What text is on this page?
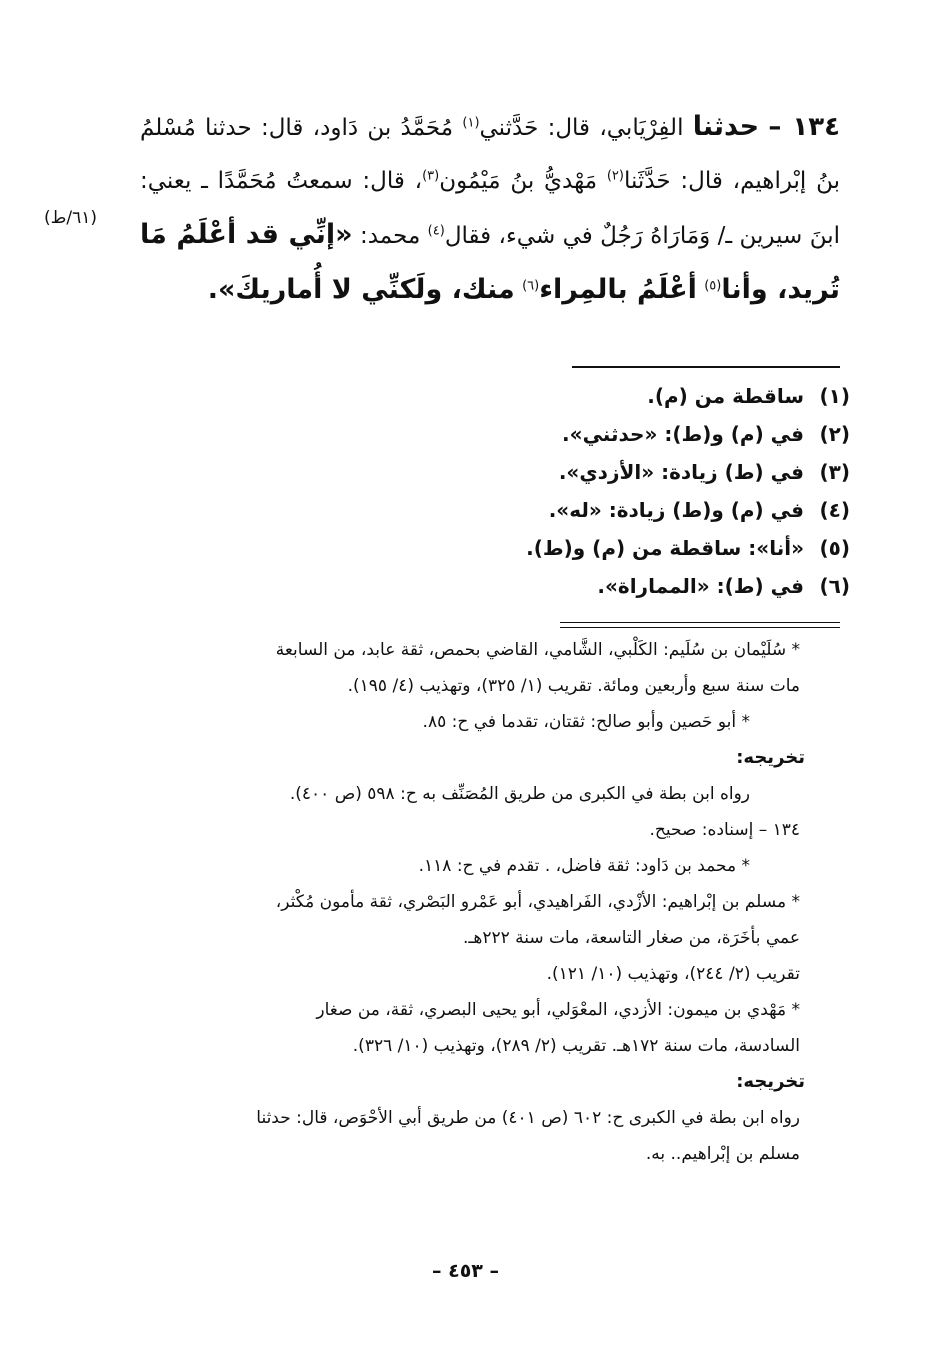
١٣٤ – حدثنا الفِرْيَابي، قال: حَدَّثني$^{(١)}$ مُحَمَّدُ بن دَاود، قال: حدثنا مُسْلمُ بنُ إبْراهيم، قال: حَدَّثَنا$^{(٢)}$ مَهْديُّ بنُ مَيْمُون$^{(٣)}$، قال: سمعتُ مُحَمَّدًا ـ يعني: ابنَ سيرين ـ/ وَمَارَاهُ رَجُلٌ في شيء، فقال$^{(٤)}$ محمد: «إنِّي قد أعْلَمُ مَا تُريد، وأنا$^{(٥)}$ أعْلَمُ بالمِراء$^{(٦)}$ منك، ولَكنِّي لا أُماريكَ».
(٦١/ط)
(١)ساقطة من (م).
(٢)في (م) و(ط): «حدثني».
(٣)في (ط) زيادة: «الأزدي».
(٤)في (م) و(ط) زيادة: «له».
(٥)«أنا»: ساقطة من (م) و(ط).
(٦)في (ط): «المماراة».
* سُلَيْمان بن سُلَيم: الكَلْبي، الشَّامي، القاضي بحمص، ثقة عابد، من السابعة
مات سنة سبع وأربعين ومائة. تقريب (١/ ٣٢٥)، وتهذيب (٤/ ١٩٥).
* أبو حَصين وأبو صالح: ثقتان، تقدما في ح: ٨٥.
تخريجه:
رواه ابن بطة في الكبرى من طريق المُصَنِّف به ح: ٥٩٨ (ص ٤٠٠).
١٣٤ – إسناده: صحيح.
* محمد بن دَاود: ثقة فاضل، . تقدم في ح: ١١٨.
* مسلم بن إبْراهيم: الأزْدي، الفَراهيدي، أبو عَمْرو البَصْري، ثقة مأمون مُكْثر،
عمي بأخَرَة، من صغار التاسعة، مات سنة ٢٢٢هـ.
تقريب (٢/ ٢٤٤)، وتهذيب (١٠/ ١٢١).
* مَهْدي بن ميمون: الأزدي، المعْوَلي، أبو يحيى البصري، ثقة، من صغار
السادسة، مات سنة ١٧٢هـ. تقريب (٢/ ٢٨٩)، وتهذيب (١٠/ ٣٢٦).
تخريجه:
رواه ابن بطة في الكبرى ح: ٦٠٢ (ص ٤٠١) من طريق أبي الأحْوَص، قال: حدثنا
مسلم بن إبْراهيم.. به.
– ٤٥٣ –
